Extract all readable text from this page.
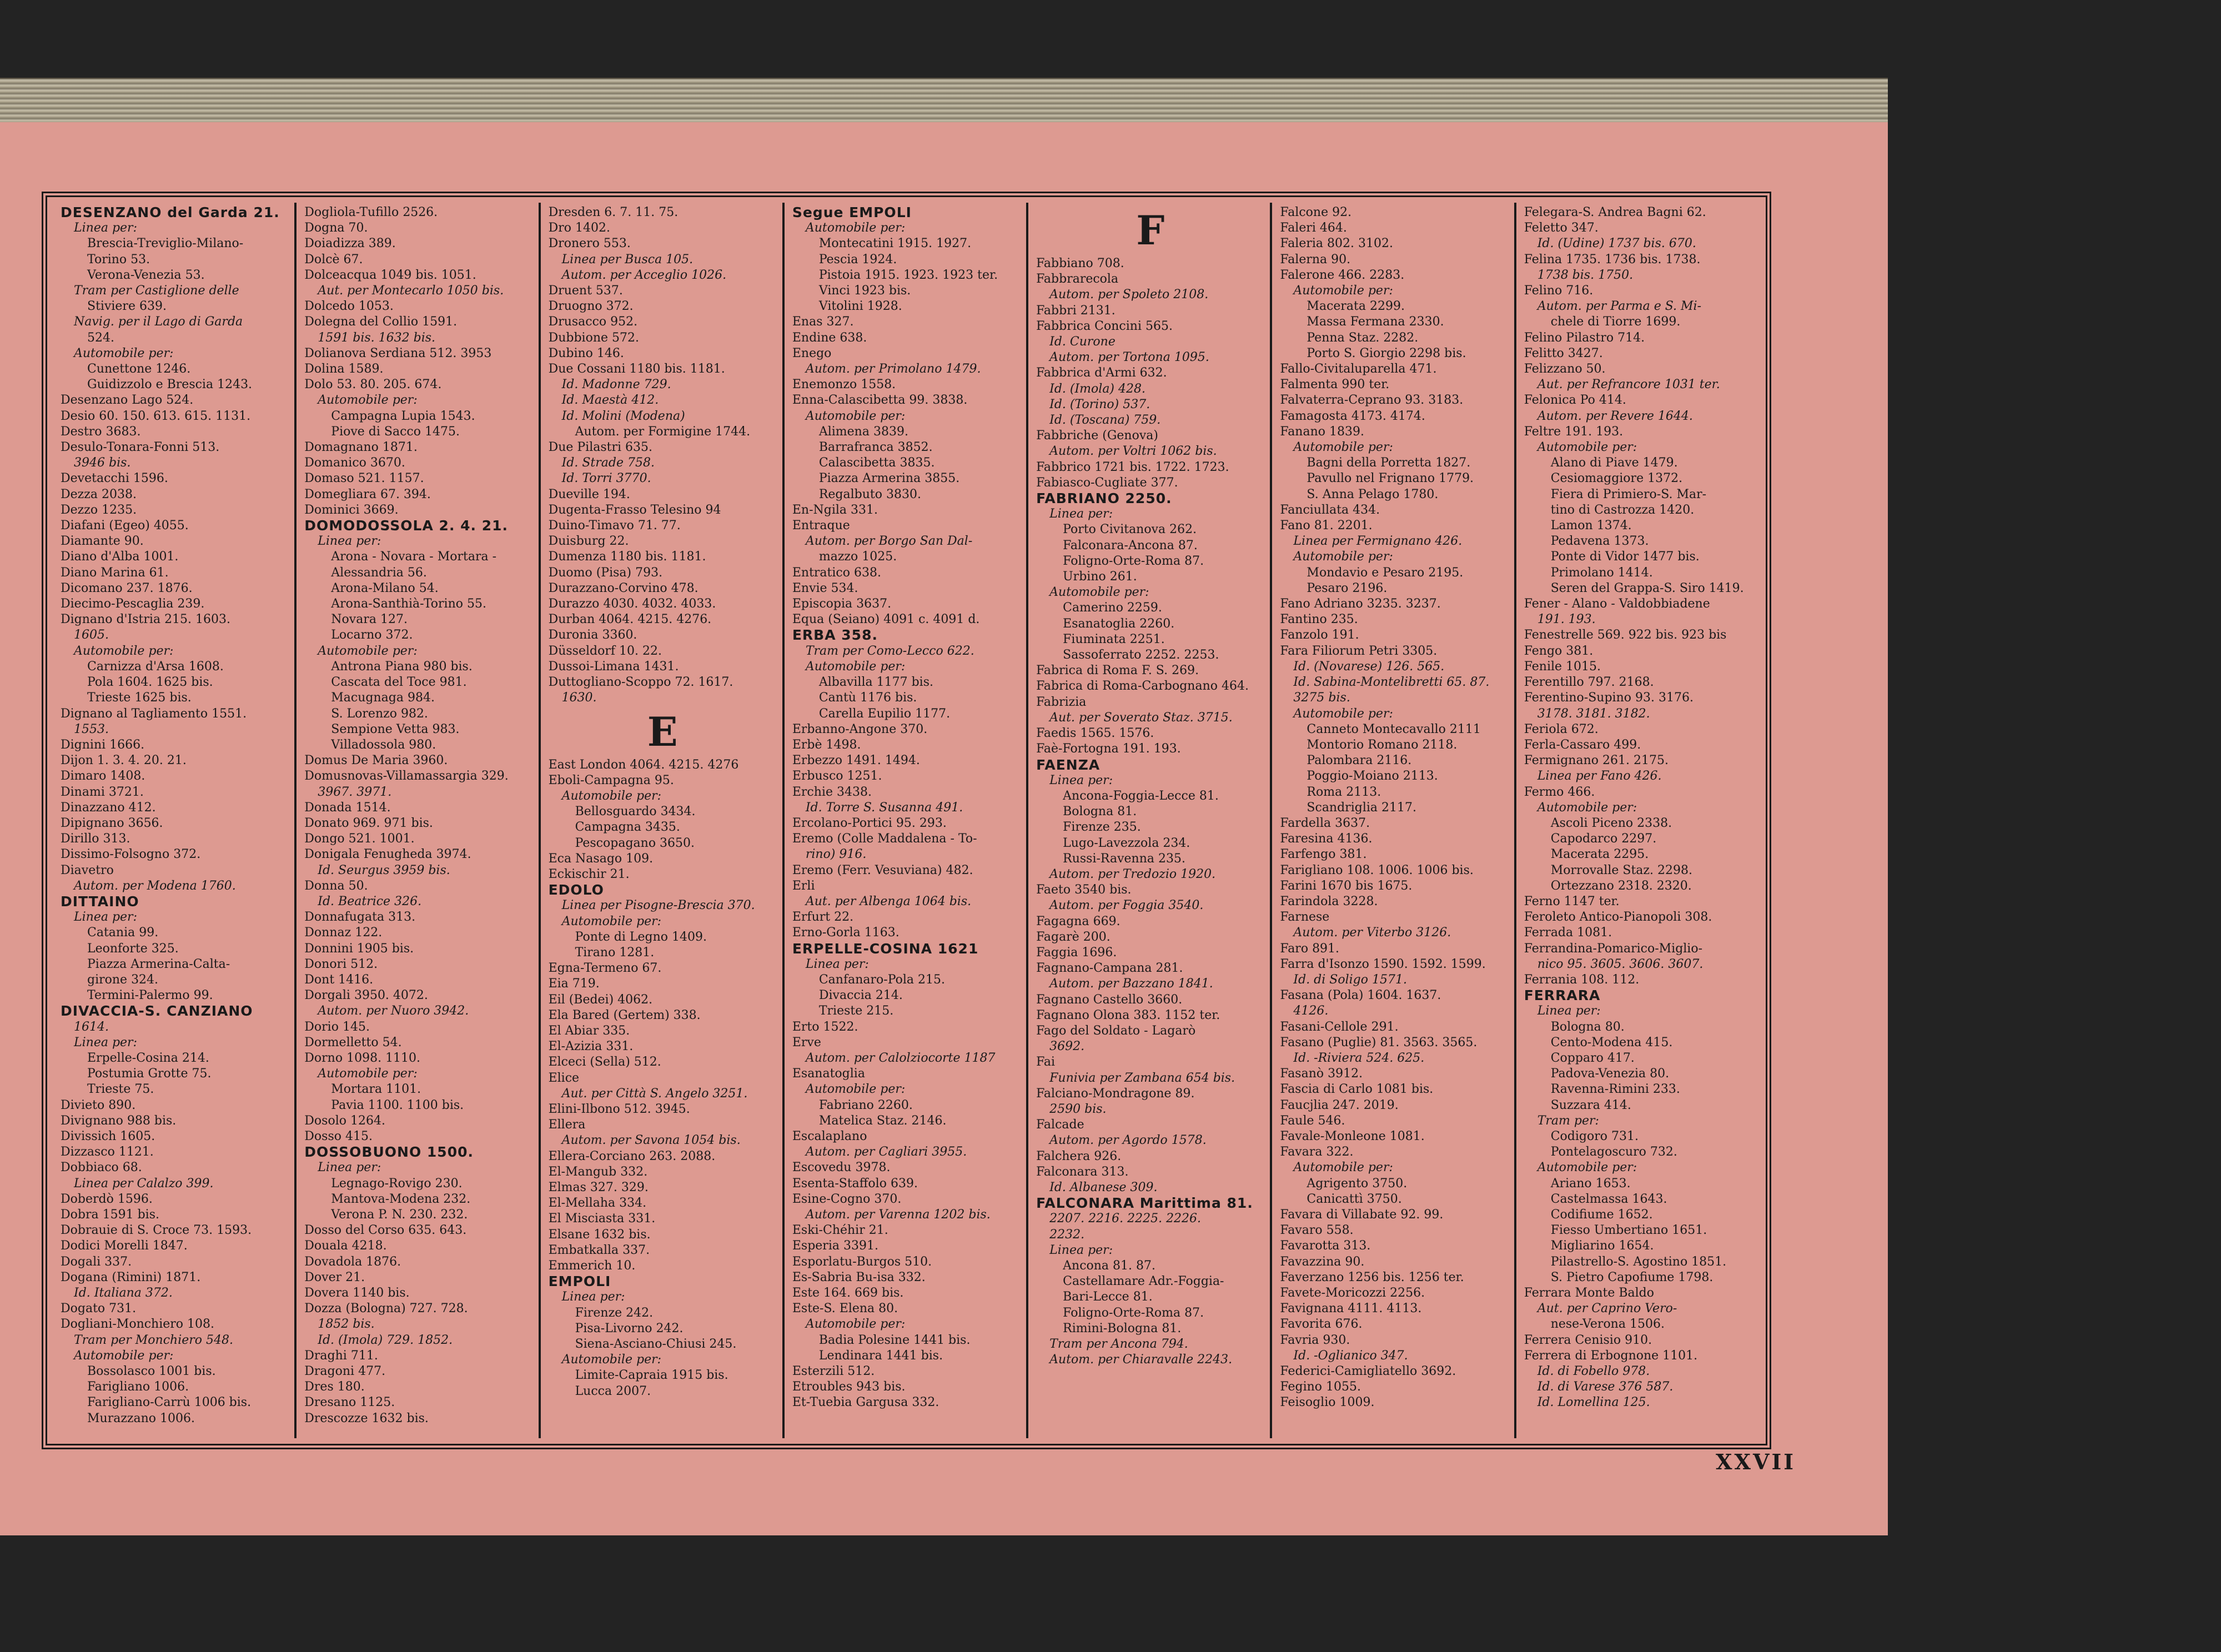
DESENZANO del Garda 21.
Linea per:
Brescia-Treviglio-Milano-
Torino 53.
Verona-Venezia 53.
Tram per Castiglione delle
Stiviere 639.
Navig. per il Lago di Garda
524.
Automobile per:
Cunettone 1246.
Guidizzolo e Brescia 1243.
Desenzano Lago 524.
Desio 60. 150. 613. 615. 1131.
Destro 3683.
Desulo-Tonara-Fonni 513.
3946 bis.
Devetacchi 1596.
Dezza 2038.
Dezzo 1235.
Diafani (Egeo) 4055.
Diamante 90.
Diano d'Alba 1001.
Diano Marina 61.
Dicomano 237. 1876.
Diecimo-Pescaglia 239.
Dignano d'Istria 215. 1603.
1605.
Automobile per:
Carnizza d'Arsa 1608.
Pola 1604. 1625 bis.
Trieste 1625 bis.
Dignano al Tagliamento 1551.
1553.
Dignini 1666.
Dijon 1. 3. 4. 20. 21.
Dimaro 1408.
Dinami 3721.
Dinazzano 412.
Dipignano 3656.
Dirillo 313.
Dissimo-Folsogno 372.
Diavetro
Autom. per Modena 1760.
DITTAINO
Linea per:
Catania 99.
Leonforte 325.
Piazza Armerina-Calta-
girone 324.
Termini-Palermo 99.
DIVACCIA-S. CANZIANO
1614.
Linea per:
Erpelle-Cosina 214.
Postumia Grotte 75.
Trieste 75.
Divieto 890.
Divignano 988 bis.
Divissich 1605.
Dizzasco 1121.
Dobbiaco 68.
Linea per Calalzo 399.
Doberdò 1596.
Dobra 1591 bis.
Dobrauie di S. Croce 73. 1593.
Dodici Morelli 1847.
Dogali 337.
Dogana (Rimini) 1871.
Id. Italiana 372.
Dogato 731.
Dogliani-Monchiero 108.
Tram per Monchiero 548.
Automobile per:
Bossolasco 1001 bis.
Farigliano 1006.
Farigliano-Carrù 1006 bis.
Murazzano 1006.
Dogliola-Tufillo 2526.
Dogna 70.
Doiadizza 389.
Dolcè 67.
Dolceacqua 1049 bis. 1051.
Aut. per Montecarlo 1050 bis.
Dolcedo 1053.
Dolegna del Collio 1591.
1591 bis. 1632 bis.
Dolianova Serdiana 512. 3953
Dolina 1589.
Dolo 53. 80. 205. 674.
Automobile per:
Campagna Lupia 1543.
Piove di Sacco 1475.
Domagnano 1871.
Domanico 3670.
Domaso 521. 1157.
Domegliara 67. 394.
Dominici 3669.
DOMODOSSOLA 2. 4. 21.
Linea per:
Arona - Novara - Mortara -
Alessandria 56.
Arona-Milano 54.
Arona-Santhià-Torino 55.
Novara 127.
Locarno 372.
Automobile per:
Antrona Piana 980 bis.
Cascata del Toce 981.
Macugnaga 984.
S. Lorenzo 982.
Sempione Vetta 983.
Villadossola 980.
Domus De Maria 3960.
Domusnovas-Villamassargia 329.
3967. 3971.
Donada 1514.
Donato 969. 971 bis.
Dongo 521. 1001.
Donigala Fenugheda 3974.
Id. Seurgus 3959 bis.
Donna 50.
Id. Beatrice 326.
Donnafugata 313.
Donnaz 122.
Donnini 1905 bis.
Donori 512.
Dont 1416.
Dorgali 3950. 4072.
Autom. per Nuoro 3942.
Dorio 145.
Dormelletto 54.
Dorno 1098. 1110.
Automobile per:
Mortara 1101.
Pavia 1100. 1100 bis.
Dosolo 1264.
Dosso 415.
DOSSOBUONO 1500.
Linea per:
Legnago-Rovigo 230.
Mantova-Modena 232.
Verona P. N. 230. 232.
Dosso del Corso 635. 643.
Douala 4218.
Dovadola 1876.
Dover 21.
Dovera 1140 bis.
Dozza (Bologna) 727. 728.
1852 bis.
Id. (Imola) 729. 1852.
Draghi 711.
Dragoni 477.
Dres 180.
Dresano 1125.
Drescozze 1632 bis.
Dresden 6. 7. 11. 75.
Dro 1402.
Dronero 553.
Linea per Busca 105.
Autom. per Acceglio 1026.
Druent 537.
Druogno 372.
Drusacco 952.
Dubbione 572.
Dubino 146.
Due Cossani 1180 bis. 1181.
Id. Madonne 729.
Id. Maestà 412.
Id. Molini (Modena)
Autom. per Formigine 1744.
Due Pilastri 635.
Id. Strade 758.
Id. Torri 3770.
Dueville 194.
Dugenta-Frasso Telesino 94
Duino-Timavo 71. 77.
Duisburg 22.
Dumenza 1180 bis. 1181.
Duomo (Pisa) 793.
Durazzano-Corvino 478.
Durazzo 4030. 4032. 4033.
Durban 4064. 4215. 4276.
Duronia 3360.
Düsseldorf 10. 22.
Dussoi-Limana 1431.
Duttogliano-Scoppo 72. 1617.
1630.
E
East London 4064. 4215. 4276
Eboli-Campagna 95.
Automobile per:
Bellosguardo 3434.
Campagna 3435.
Pescopagano 3650.
Eca Nasago 109.
Eckischir 21.
EDOLO
Linea per Pisogne-Brescia 370.
Automobile per:
Ponte di Legno 1409.
Tirano 1281.
Egna-Termeno 67.
Eia 719.
Eil (Bedei) 4062.
Ela Bared (Gertem) 338.
El Abiar 335.
El-Azizia 331.
Elceci (Sella) 512.
Elice
Aut. per Città S. Angelo 3251.
Elini-Ilbono 512. 3945.
Ellera
Autom. per Savona 1054 bis.
Ellera-Corciano 263. 2088.
El-Mangub 332.
Elmas 327. 329.
El-Mellaha 334.
El Misciasta 331.
Elsane 1632 bis.
Embatkalla 337.
Emmerich 10.
EMPOLI
Linea per:
Firenze 242.
Pisa-Livorno 242.
Siena-Asciano-Chiusi 245.
Automobile per:
Limite-Capraia 1915 bis.
Lucca 2007.
Segue EMPOLI
Automobile per:
Montecatini 1915. 1927.
Pescia 1924.
Pistoia 1915. 1923. 1923 ter.
Vinci 1923 bis.
Vitolini 1928.
Enas 327.
Endine 638.
Enego
Autom. per Primolano 1479.
Enemonzo 1558.
Enna-Calascibetta 99. 3838.
Automobile per:
Alimena 3839.
Barrafranca 3852.
Calascibetta 3835.
Piazza Armerina 3855.
Regalbuto 3830.
En-Ngila 331.
Entraque
Autom. per Borgo San Dal-
mazzo 1025.
Entratico 638.
Envie 534.
Episcopia 3637.
Equa (Seiano) 4091 c. 4091 d.
ERBA 358.
Tram per Como-Lecco 622.
Automobile per:
Albavilla 1177 bis.
Cantù 1176 bis.
Carella Eupilio 1177.
Erbanno-Angone 370.
Erbè 1498.
Erbezzo 1491. 1494.
Erbusco 1251.
Erchie 3438.
Id. Torre S. Susanna 491.
Ercolano-Portici 95. 293.
Eremo (Colle Maddalena - To-
rino) 916.
Eremo (Ferr. Vesuviana) 482.
Erli
Aut. per Albenga 1064 bis.
Erfurt 22.
Erno-Gorla 1163.
ERPELLE-COSINA 1621
Linea per:
Canfanaro-Pola 215.
Divaccia 214.
Trieste 215.
Erto 1522.
Erve
Autom. per Calolziocorte 1187
Esanatoglia
Automobile per:
Fabriano 2260.
Matelica Staz. 2146.
Escalaplano
Autom. per Cagliari 3955.
Escovedu 3978.
Esenta-Staffolo 639.
Esine-Cogno 370.
Autom. per Varenna 1202 bis.
Eski-Chéhir 21.
Esperia 3391.
Esporlatu-Burgos 510.
Es-Sabria Bu-isa 332.
Este 164. 669 bis.
Este-S. Elena 80.
Automobile per:
Badia Polesine 1441 bis.
Lendinara 1441 bis.
Esterzili 512.
Etroubles 943 bis.
Et-Tuebia Gargusa 332.
F
Fabbiano 708.
Fabbrarecola
Autom. per Spoleto 2108.
Fabbri 2131.
Fabbrica Concini 565.
Id. Curone
Autom. per Tortona 1095.
Fabbrica d'Armi 632.
Id. (Imola) 428.
Id. (Torino) 537.
Id. (Toscana) 759.
Fabbriche (Genova)
Autom. per Voltri 1062 bis.
Fabbrico 1721 bis. 1722. 1723.
Fabiasco-Cugliate 377.
FABRIANO 2250.
Linea per:
Porto Civitanova 262.
Falconara-Ancona 87.
Foligno-Orte-Roma 87.
Urbino 261.
Automobile per:
Camerino 2259.
Esanatoglia 2260.
Fiuminata 2251.
Sassoferrato 2252. 2253.
Fabrica di Roma F. S. 269.
Fabrica di Roma-Carbognano 464.
Fabrizia
Aut. per Soverato Staz. 3715.
Faedis 1565. 1576.
Faè-Fortogna 191. 193.
FAENZA
Linea per:
Ancona-Foggia-Lecce 81.
Bologna 81.
Firenze 235.
Lugo-Lavezzola 234.
Russi-Ravenna 235.
Autom. per Tredozio 1920.
Faeto 3540 bis.
Autom. per Foggia 3540.
Fagagna 669.
Fagarè 200.
Faggia 1696.
Fagnano-Campana 281.
Autom. per Bazzano 1841.
Fagnano Castello 3660.
Fagnano Olona 383. 1152 ter.
Fago del Soldato - Lagarò
3692.
Fai
Funivia per Zambana 654 bis.
Falciano-Mondragone 89.
2590 bis.
Falcade
Autom. per Agordo 1578.
Falchera 926.
Falconara 313.
Id. Albanese 309.
FALCONARA Marittima 81.
2207. 2216. 2225. 2226.
2232.
Linea per:
Ancona 81. 87.
Castellamare Adr.-Foggia-
Bari-Lecce 81.
Foligno-Orte-Roma 87.
Rimini-Bologna 81.
Tram per Ancona 794.
Autom. per Chiaravalle 2243.
Falcone 92.
Faleri 464.
Faleria 802. 3102.
Falerna 90.
Falerone 466. 2283.
Automobile per:
Macerata 2299.
Massa Fermana 2330.
Penna Staz. 2282.
Porto S. Giorgio 2298 bis.
Fallo-Civitaluparella 471.
Falmenta 990 ter.
Falvaterra-Ceprano 93. 3183.
Famagosta 4173. 4174.
Fanano 1839.
Automobile per:
Bagni della Porretta 1827.
Pavullo nel Frignano 1779.
S. Anna Pelago 1780.
Fanciullata 434.
Fano 81. 2201.
Linea per Fermignano 426.
Automobile per:
Mondavio e Pesaro 2195.
Pesaro 2196.
Fano Adriano 3235. 3237.
Fantino 235.
Fanzolo 191.
Fara Filiorum Petri 3305.
Id. (Novarese) 126. 565.
Id. Sabina-Montelibretti 65. 87.
3275 bis.
Automobile per:
Canneto Montecavallo 2111
Montorio Romano 2118.
Palombara 2116.
Poggio-Moiano 2113.
Roma 2113.
Scandriglia 2117.
Fardella 3637.
Faresina 4136.
Farfengo 381.
Farigliano 108. 1006. 1006 bis.
Farini 1670 bis 1675.
Farindola 3228.
Farnese
Autom. per Viterbo 3126.
Faro 891.
Farra d'Isonzo 1590. 1592. 1599.
Id. di Soligo 1571.
Fasana (Pola) 1604. 1637.
4126.
Fasani-Cellole 291.
Fasano (Puglie) 81. 3563. 3565.
Id. -Riviera 524. 625.
Fasanò 3912.
Fascia di Carlo 1081 bis.
Faucjlia 247. 2019.
Faule 546.
Favale-Monleone 1081.
Favara 322.
Automobile per:
Agrigento 3750.
Canicattì 3750.
Favara di Villabate 92. 99.
Favaro 558.
Favarotta 313.
Favazzina 90.
Faverzano 1256 bis. 1256 ter.
Favete-Moricozzi 2256.
Favignana 4111. 4113.
Favorita 676.
Favria 930.
Id. -Oglianico 347.
Federici-Camigliatello 3692.
Fegino 1055.
Feisoglio 1009.
Felegara-S. Andrea Bagni 62.
Feletto 347.
Id. (Udine) 1737 bis. 670.
Felina 1735. 1736 bis. 1738.
1738 bis. 1750.
Felino 716.
Autom. per Parma e S. Mi-
chele di Tiorre 1699.
Felino Pilastro 714.
Felitto 3427.
Felizzano 50.
Aut. per Refrancore 1031 ter.
Felonica Po 414.
Autom. per Revere 1644.
Feltre 191. 193.
Automobile per:
Alano di Piave 1479.
Cesiomaggiore 1372.
Fiera di Primiero-S. Mar-
tino di Castrozza 1420.
Lamon 1374.
Pedavena 1373.
Ponte di Vidor 1477 bis.
Primolano 1414.
Seren del Grappa-S. Siro 1419.
Fener - Alano - Valdobbiadene
191. 193.
Fenestrelle 569. 922 bis. 923 bis
Fengo 381.
Fenile 1015.
Ferentillo 797. 2168.
Ferentino-Supino 93. 3176.
3178. 3181. 3182.
Feriola 672.
Ferla-Cassaro 499.
Fermignano 261. 2175.
Linea per Fano 426.
Fermo 466.
Automobile per:
Ascoli Piceno 2338.
Capodarco 2297.
Macerata 2295.
Morrovalle Staz. 2298.
Ortezzano 2318. 2320.
Ferno 1147 ter.
Feroleto Antico-Pianopoli 308.
Ferrada 1081.
Ferrandina-Pomarico-Miglio-
nico 95. 3605. 3606. 3607.
Ferrania 108. 112.
FERRARA
Linea per:
Bologna 80.
Cento-Modena 415.
Copparo 417.
Padova-Venezia 80.
Ravenna-Rimini 233.
Suzzara 414.
Tram per:
Codigoro 731.
Pontelagoscuro 732.
Automobile per:
Ariano 1653.
Castelmassa 1643.
Codifiume 1652.
Fiesso Umbertiano 1651.
Migliarino 1654.
Pilastrello-S. Agostino 1851.
S. Pietro Capofiume 1798.
Ferrara Monte Baldo
Aut. per Caprino Vero-
nese-Verona 1506.
Ferrera Cenisio 910.
Ferrera di Erbognone 1101.
Id. di Fobello 978.
Id. di Varese 376 587.
Id. Lomellina 125.
XXVII
